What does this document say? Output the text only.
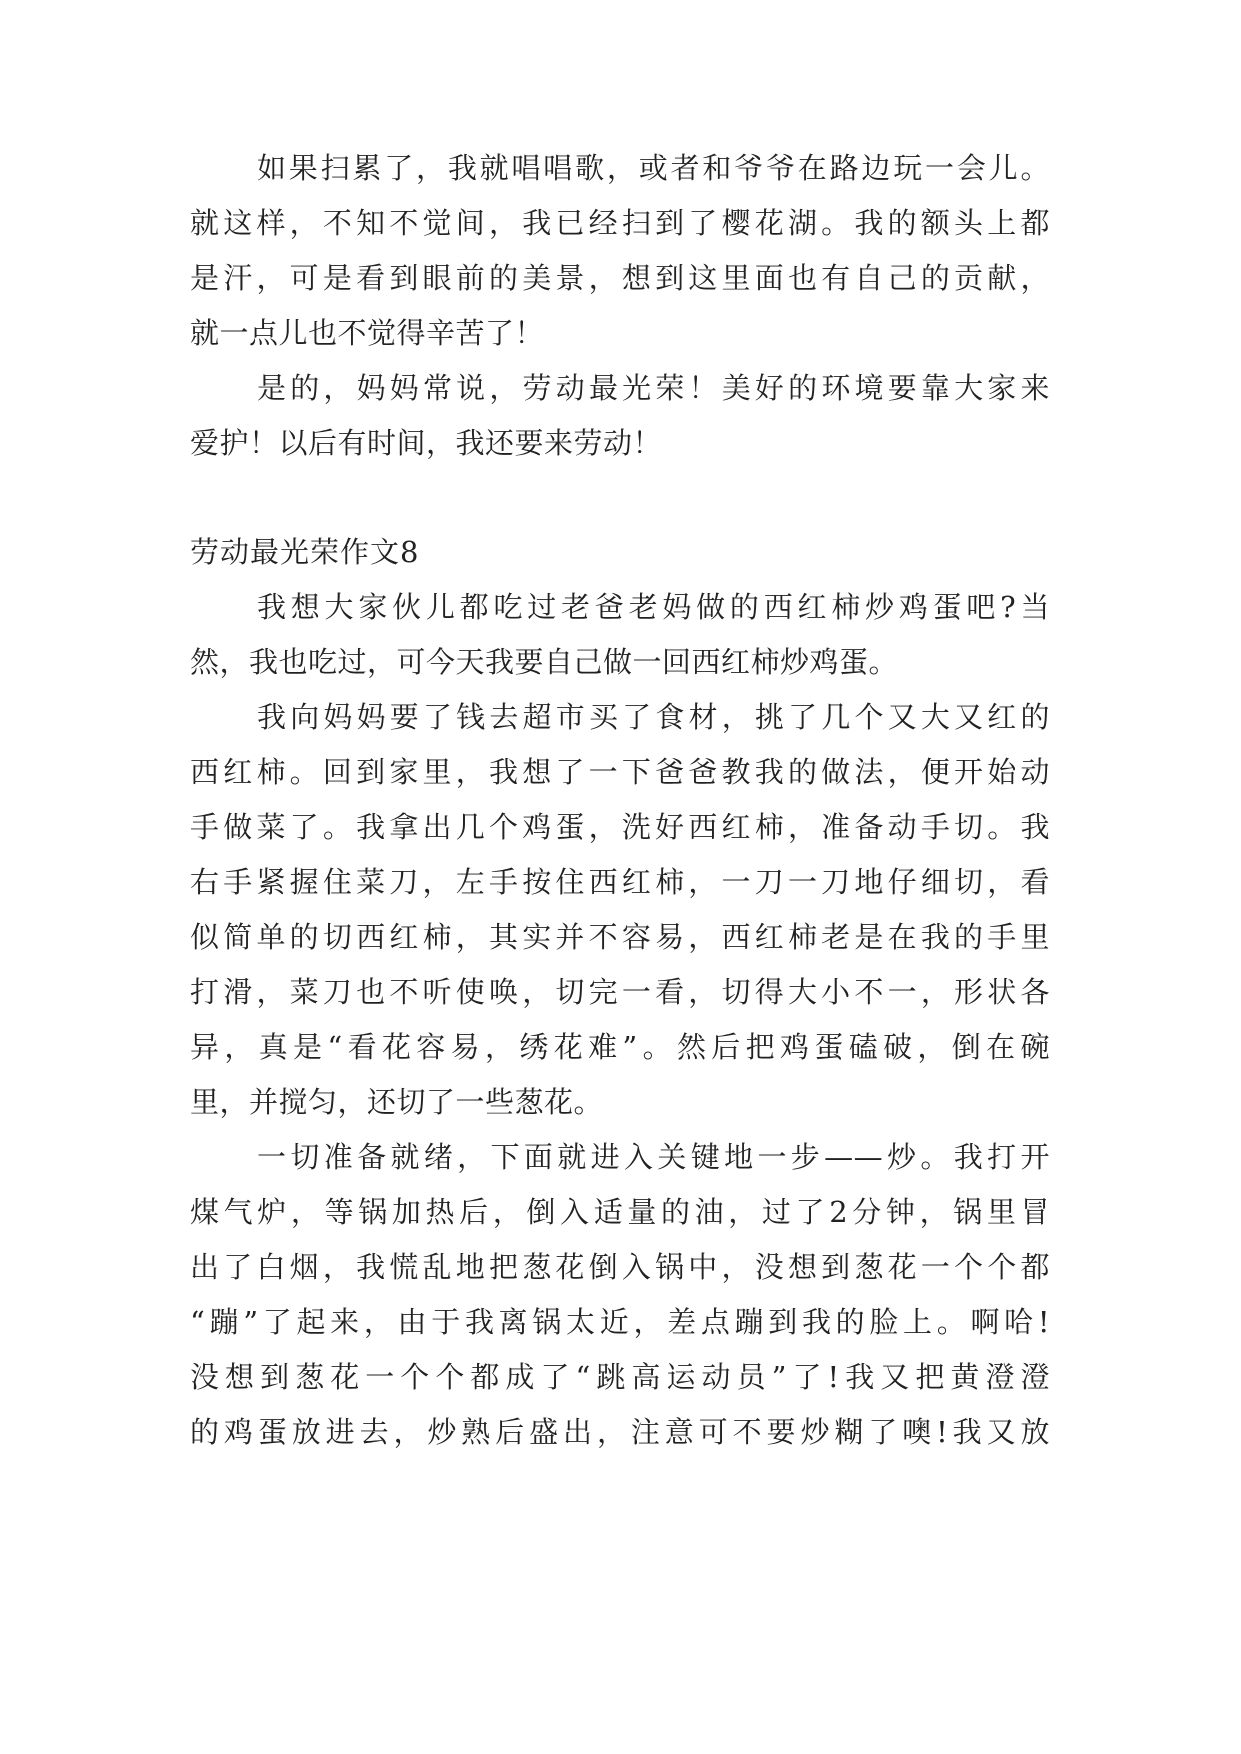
如果扫累了，我就唱唱歌，或者和爷爷在路边玩一会儿。
就这样，不知不觉间，我已经扫到了樱花湖。我的额头上都
是汗，可是看到眼前的美景，想到这里面也有自己的贡献，
就一点儿也不觉得辛苦了！
是的，妈妈常说，劳动最光荣！美好的环境要靠大家来
爱护！以后有时间，我还要来劳动！
劳动最光荣作文8
我想大家伙儿都吃过老爸老妈做的西红柿炒鸡蛋吧?当
然，我也吃过，可今天我要自己做一回西红柿炒鸡蛋。
我向妈妈要了钱去超市买了食材，挑了几个又大又红的
西红柿。回到家里，我想了一下爸爸教我的做法，便开始动
手做菜了。我拿出几个鸡蛋，洗好西红柿，准备动手切。我
右手紧握住菜刀，左手按住西红柿，一刀一刀地仔细切，看
似简单的切西红柿，其实并不容易，西红柿老是在我的手里
打滑，菜刀也不听使唤，切完一看，切得大小不一，形状各
异，真是“看花容易，绣花难”。然后把鸡蛋磕破，倒在碗
里，并搅匀，还切了一些葱花。
一切准备就绪，下面就进入关键地一步——炒。我打开
煤气炉，等锅加热后，倒入适量的油，过了2分钟，锅里冒
出了白烟，我慌乱地把葱花倒入锅中，没想到葱花一个个都
“蹦”了起来，由于我离锅太近，差点蹦到我的脸上。啊哈!
没想到葱花一个个都成了“跳高运动员”了!我又把黄澄澄
的鸡蛋放进去，炒熟后盛出，注意可不要炒糊了噢!我又放
